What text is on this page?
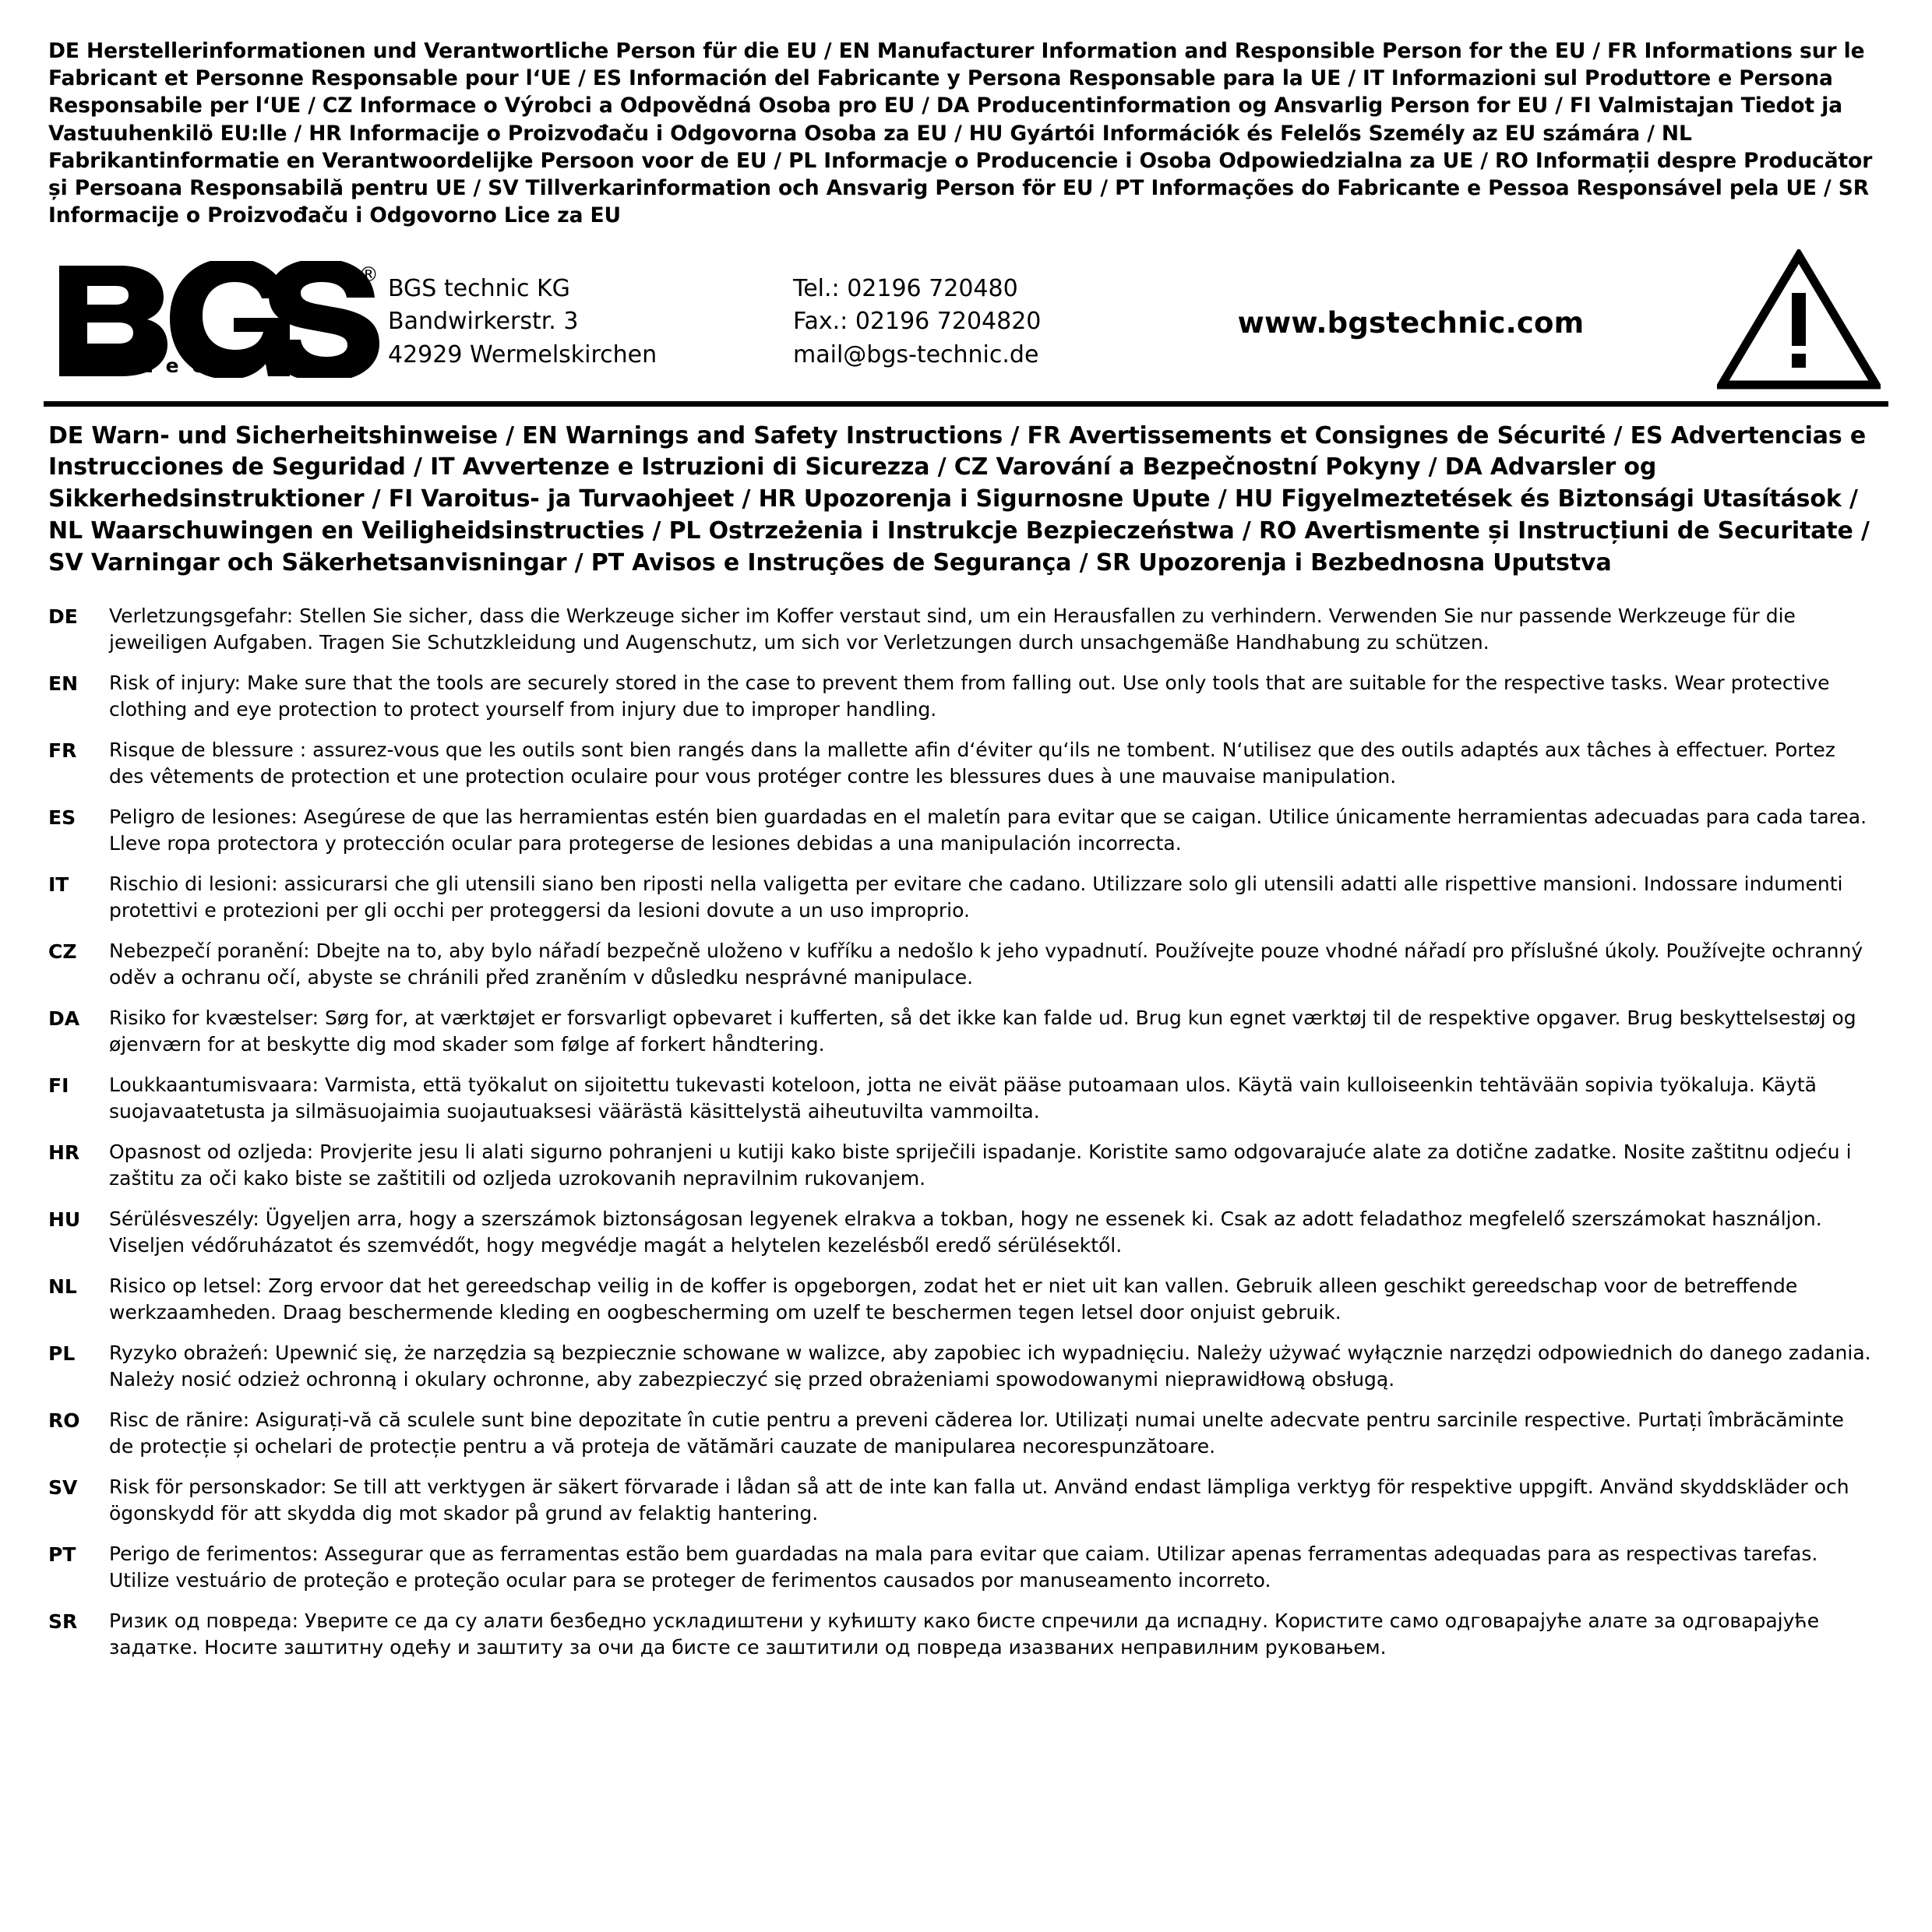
DE Herstellerinformationen und Verantwortliche Person für die EU / EN Manufacturer Information and Responsible Person for the EU / FR Informations sur le Fabricant et Personne Responsable pour l‘UE / ES Información del Fabricante y Persona Responsable para la UE / IT Informazioni sul Produttore e Persona Responsabile per l‘UE / CZ Informace o Výrobci a Odpovědná Osoba pro EU / DA Producentinformation og Ansvarlig Person for EU / FI Valmistajan Tiedot ja Vastuuhenkilö EU:lle / HR Informacije o Proizvođaču i Odgovorna Osoba za EU / HU Gyártói Információk és Felelős Személy az EU számára / NL Fabrikantinformatie en Verantwoordelijke Persoon voor de EU / PL Informacje o Producencie i Osoba Odpowiedzialna za UE / RO Informații despre Producător și Persoana Responsabilă pentru UE / SV Tillverkarinformation och Ansvarig Person för EU / PT Informações do Fabricante e Pessoa Responsável pela UE / SR Informacije o Proizvođaču i Odgovorno Lice za EU
®
t e c h n i c
BGS technic KG
Bandwirkerstr. 3
42929 Wermelskirchen
Tel.: 02196 720480
Fax.: 02196 7204820
mail@bgs-technic.de
www.bgstechnic.com
DE Warn- und Sicherheitshinweise / EN Warnings and Safety Instructions / FR Avertissements et Consignes de Sécurité / ES Advertencias e Instrucciones de Seguridad / IT Avvertenze e Istruzioni di Sicurezza / CZ Varování a Bezpečnostní Pokyny / DA Advarsler og Sikkerhedsinstruktioner / FI Varoitus- ja Turvaohjeet / HR Upozorenja i Sigurnosne Upute / HU Figyelmeztetések és Biztonsági Utasítások / NL Waarschuwingen en Veiligheidsinstructies / PL Ostrzeżenia i Instrukcje Bezpieczeństwa / RO Avertismente și Instrucțiuni de Securitate / SV Varningar och Säkerhetsanvisningar / PT Avisos e Instruções de Segurança / SR Upozorenja i Bezbednosna Uputstva
DE	Verletzungsgefahr: Stellen Sie sicher, dass die Werkzeuge sicher im Koffer verstaut sind, um ein Herausfallen zu verhindern. Verwenden Sie nur passende Werkzeuge für die jeweiligen Aufgaben. Tragen Sie Schutzkleidung und Augenschutz, um sich vor Verletzungen durch unsachgemäße Handhabung zu schützen.
EN	Risk of injury: Make sure that the tools are securely stored in the case to prevent them from falling out. Use only tools that are suitable for the respective tasks. Wear protective clothing and eye protection to protect yourself from injury due to improper handling.
FR	Risque de blessure : assurez-vous que les outils sont bien rangés dans la mallette afin d‘éviter qu‘ils ne tombent. N‘utilisez que des outils adaptés aux tâches à effectuer. Portez des vêtements de protection et une protection oculaire pour vous protéger contre les blessures dues à une mauvaise manipulation.
ES	Peligro de lesiones: Asegúrese de que las herramientas estén bien guardadas en el maletín para evitar que se caigan. Utilice únicamente herramientas adecuadas para cada tarea. Lleve ropa protectora y protección ocular para protegerse de lesiones debidas a una manipulación incorrecta.
IT	Rischio di lesioni: assicurarsi che gli utensili siano ben riposti nella valigetta per evitare che cadano. Utilizzare solo gli utensili adatti alle rispettive mansioni. Indossare indumenti protettivi e protezioni per gli occhi per proteggersi da lesioni dovute a un uso improprio.
CZ	Nebezpečí poranění: Dbejte na to, aby bylo nářadí bezpečně uloženo v kufříku a nedošlo k jeho vypadnutí. Používejte pouze vhodné nářadí pro příslušné úkoly. Používejte ochranný oděv a ochranu očí, abyste se chránili před zraněním v důsledku nesprávné manipulace.
DA	Risiko for kvæstelser: Sørg for, at værktøjet er forsvarligt opbevaret i kufferten, så det ikke kan falde ud. Brug kun egnet værktøj til de respektive opgaver. Brug beskyttelsestøj og øjenværn for at beskytte dig mod skader som følge af forkert håndtering.
FI	Loukkaantumisvaara: Varmista, että työkalut on sijoitettu tukevasti koteloon, jotta ne eivät pääse putoamaan ulos. Käytä vain kulloiseenkin tehtävään sopivia työkaluja. Käytä suojavaatetusta ja silmäsuojaimia suojautuaksesi väärästä käsittelystä aiheutuvilta vammoilta.
HR	Opasnost od ozljeda: Provjerite jesu li alati sigurno pohranjeni u kutiji kako biste spriječili ispadanje. Koristite samo odgovarajuće alate za dotične zadatke. Nosite zaštitnu odjeću i zaštitu za oči kako biste se zaštitili od ozljeda uzrokovanih nepravilnim rukovanjem.
HU	Sérülésveszély: Ügyeljen arra, hogy a szerszámok biztonságosan legyenek elrakva a tokban, hogy ne essenek ki. Csak az adott feladathoz megfelelő szerszámokat használjon. Viseljen védőruházatot és szemvédőt, hogy megvédje magát a helytelen kezelésből eredő sérülésektől.
NL	Risico op letsel: Zorg ervoor dat het gereedschap veilig in de koffer is opgeborgen, zodat het er niet uit kan vallen. Gebruik alleen geschikt gereedschap voor de betreffende werkzaamheden. Draag beschermende kleding en oogbescherming om uzelf te beschermen tegen letsel door onjuist gebruik.
PL	Ryzyko obrażeń: Upewnić się, że narzędzia są bezpiecznie schowane w walizce, aby zapobiec ich wypadnięciu. Należy używać wyłącznie narzędzi odpowiednich do danego zadania. Należy nosić odzież ochronną i okulary ochronne, aby zabezpieczyć się przed obrażeniami spowodowanymi nieprawidłową obsługą.
RO	Risc de rănire: Asigurați-vă că sculele sunt bine depozitate în cutie pentru a preveni căderea lor. Utilizați numai unelte adecvate pentru sarcinile respective. Purtați îmbrăcăminte de protecție și ochelari de protecție pentru a vă proteja de vătămări cauzate de manipularea necorespunzătoare.
SV	Risk för personskador: Se till att verktygen är säkert förvarade i lådan så att de inte kan falla ut. Använd endast lämpliga verktyg för respektive uppgift. Använd skyddskläder och ögonskydd för att skydda dig mot skador på grund av felaktig hantering.
PT	Perigo de ferimentos: Assegurar que as ferramentas estão bem guardadas na mala para evitar que caiam. Utilizar apenas ferramentas adequadas para as respectivas tarefas. Utilize vestuário de proteção e proteção ocular para se proteger de ferimentos causados por manuseamento incorreto.
SR	Ризик од повреда: Уверите се да су алати безбедно ускладиштени у кућишту како бисте спречили да испадну. Користите само одговарајуће алате за одговарајуће задатке. Носите заштитну одећу и заштиту за очи да бисте се заштитили од повреда изазваних неправилним руковањем.
